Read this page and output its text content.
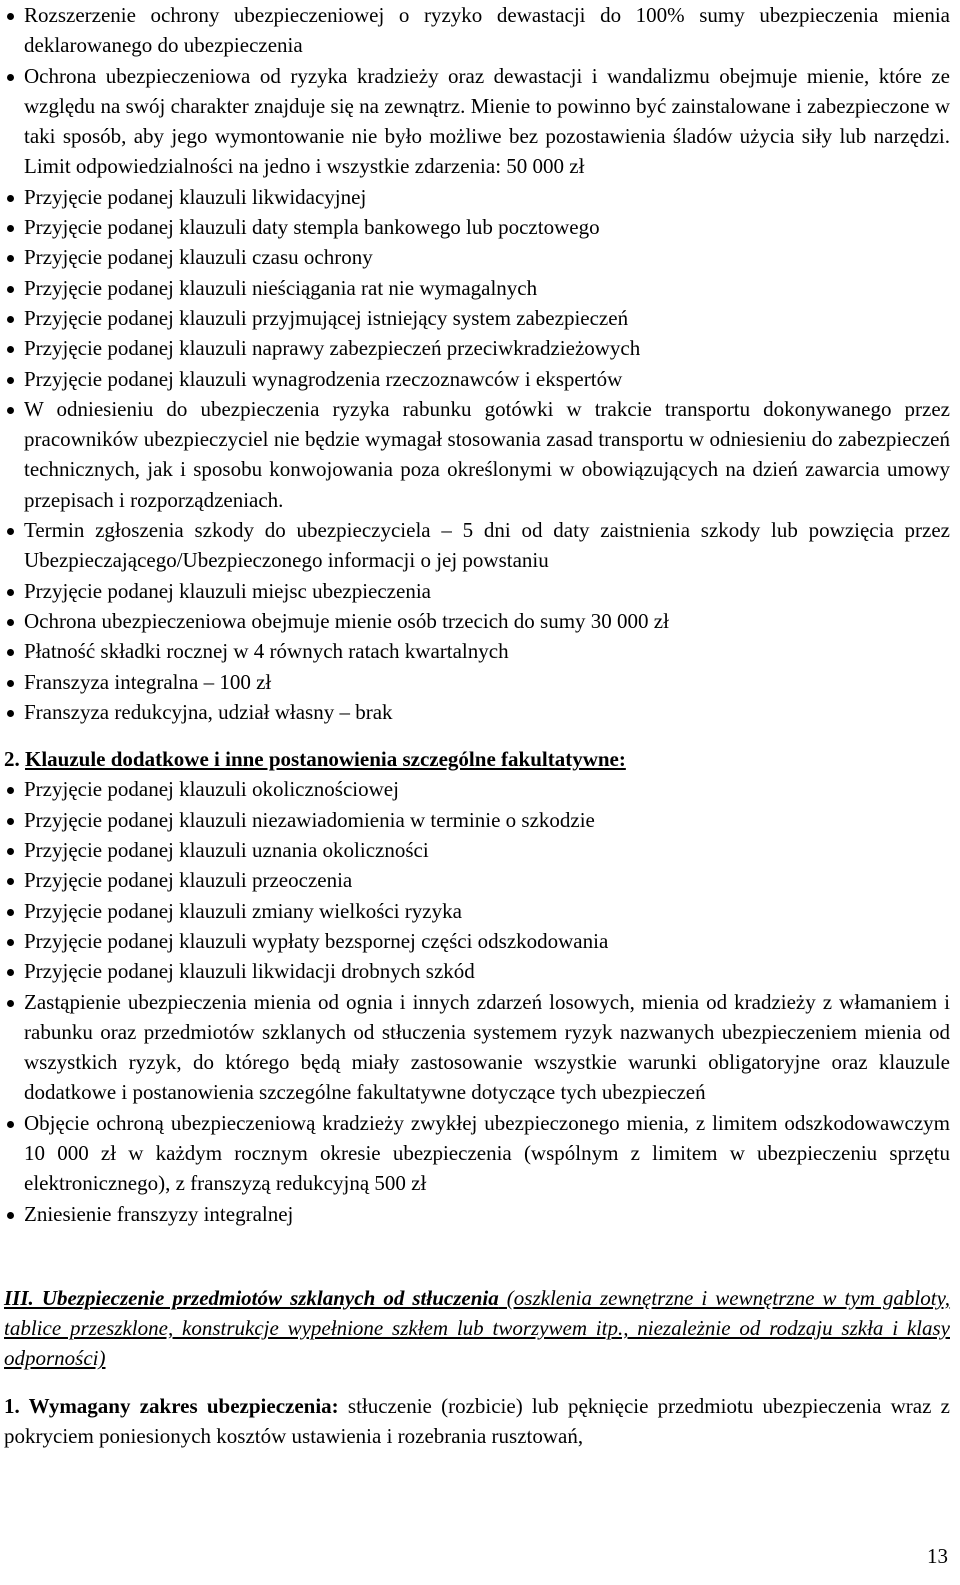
Rozszerzenie ochrony ubezpieczeniowej o ryzyko dewastacji do 100% sumy ubezpieczenia mienia deklarowanego do ubezpieczenia
Ochrona ubezpieczeniowa od ryzyka kradzieży oraz dewastacji i wandalizmu obejmuje mienie, które ze względu na swój charakter znajduje się na zewnątrz. Mienie to powinno być zainstalowane i zabezpieczone w taki sposób, aby jego wymontowanie nie było możliwe bez pozostawienia śladów użycia siły lub narzędzi. Limit odpowiedzialności na jedno i wszystkie zdarzenia: 50 000 zł
Przyjęcie podanej klauzuli likwidacyjnej
Przyjęcie podanej klauzuli daty stempla bankowego lub pocztowego
Przyjęcie podanej klauzuli czasu ochrony
Przyjęcie podanej klauzuli nieściągania rat nie wymagalnych
Przyjęcie podanej klauzuli przyjmującej istniejący system zabezpieczeń
Przyjęcie podanej klauzuli naprawy zabezpieczeń przeciwkradzieżowych
Przyjęcie podanej klauzuli wynagrodzenia rzeczoznawców i ekspertów
W odniesieniu do ubezpieczenia ryzyka rabunku gotówki w trakcie transportu dokonywanego przez pracowników ubezpieczyciel nie będzie wymagał stosowania zasad transportu w odniesieniu do zabezpieczeń technicznych, jak i sposobu konwojowania poza określonymi w obowiązujących na dzień zawarcia umowy przepisach i rozporządzeniach.
Termin zgłoszenia szkody do ubezpieczyciela – 5 dni od daty zaistnienia szkody lub powzięcia przez Ubezpieczającego/Ubezpieczonego informacji o jej powstaniu
Przyjęcie podanej klauzuli miejsc ubezpieczenia
Ochrona ubezpieczeniowa obejmuje mienie osób trzecich do sumy 30 000 zł
Płatność składki rocznej w 4 równych ratach kwartalnych
Franszyza integralna – 100 zł
Franszyza redukcyjna, udział własny – brak
2. Klauzule dodatkowe i inne postanowienia szczególne fakultatywne:
Przyjęcie podanej klauzuli okolicznościowej
Przyjęcie podanej klauzuli niezawiadomienia w terminie o szkodzie
Przyjęcie podanej klauzuli uznania okoliczności
Przyjęcie podanej klauzuli przeoczenia
Przyjęcie podanej klauzuli zmiany wielkości ryzyka
Przyjęcie podanej klauzuli wypłaty bezspornej części odszkodowania
Przyjęcie podanej klauzuli likwidacji drobnych szkód
Zastąpienie ubezpieczenia mienia od ognia i innych zdarzeń losowych, mienia od kradzieży z włamaniem i rabunku oraz przedmiotów szklanych od stłuczenia systemem ryzyk nazwanych ubezpieczeniem mienia od wszystkich ryzyk, do którego będą miały zastosowanie wszystkie warunki obligatoryjne oraz klauzule dodatkowe i postanowienia szczególne fakultatywne dotyczące tych ubezpieczeń
Objęcie ochroną ubezpieczeniową kradzieży zwykłej ubezpieczonego mienia, z limitem odszkodowawczym 10 000 zł w każdym rocznym okresie ubezpieczenia (wspólnym z limitem w ubezpieczeniu sprzętu elektronicznego), z franszyzą redukcyjną 500 zł
Zniesienie franszyzy integralnej
III. Ubezpieczenie przedmiotów szklanych od stłuczenia (oszklenia zewnętrzne i wewnętrzne w tym gabloty, tablice przeszklone, konstrukcje wypełnione szkłem lub tworzywem itp., niezależnie od rodzaju szkła i klasy odporności)
1. Wymagany zakres ubezpieczenia: stłuczenie (rozbicie) lub pęknięcie przedmiotu ubezpieczenia wraz z pokryciem poniesionych kosztów ustawienia i rozebrania rusztowań,
13
